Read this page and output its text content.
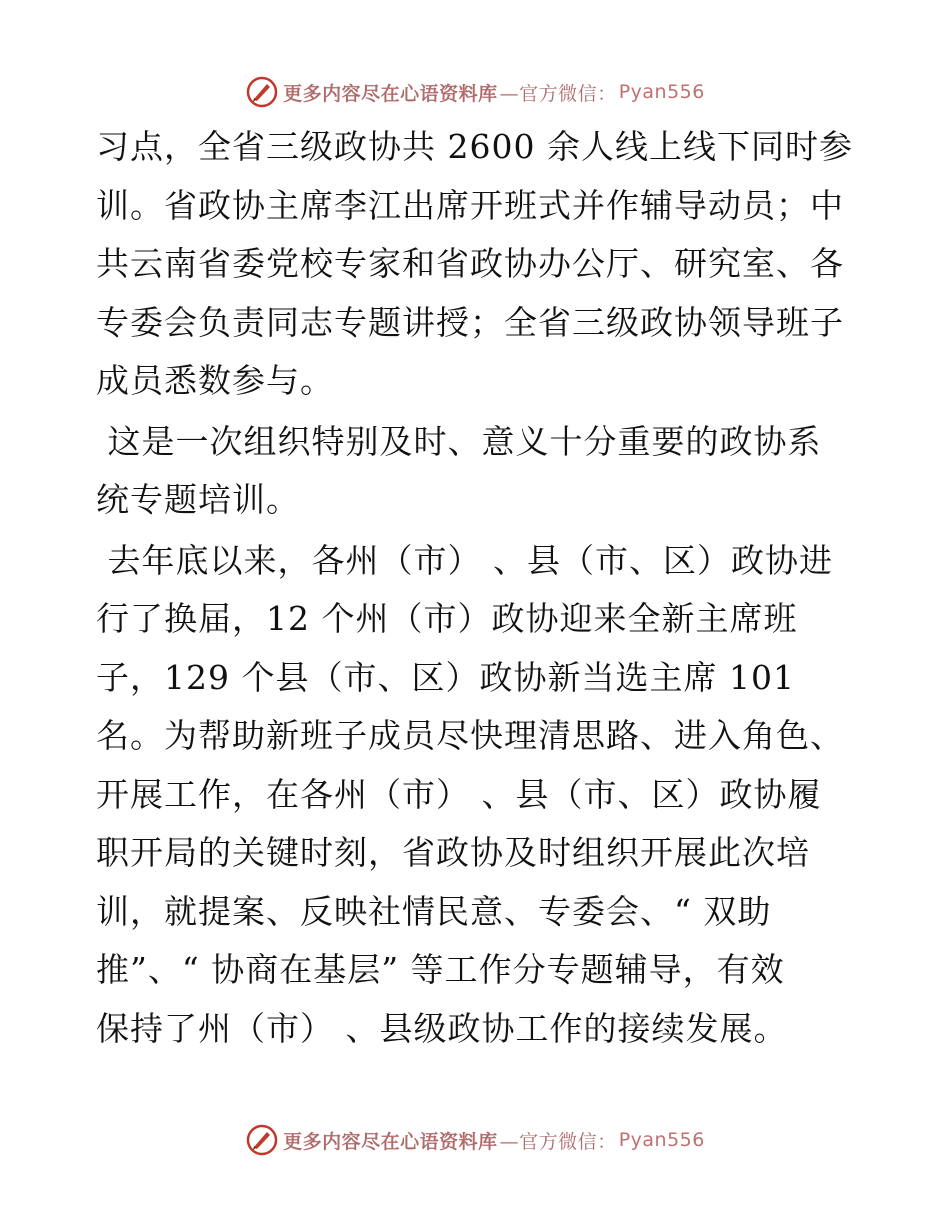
更多内容尽在心语资料库 —官方微信： Pyan556
习点，全省三级政协共 2600 余人线上线下同时参
训。省政协主席李江出席开班式并作辅导动员；中
共云南省委党校专家和省政协办公厅、研究室、各
专委会负责同志专题讲授；全省三级政协领导班子
成员悉数参与。
这是一次组织特别及时、意义十分重要的政协系
统专题培训。
去年底以来，各州（市） 、县（市、区）政协进
行了换届，12 个州（市）政协迎来全新主席班
子，129 个县（市、区）政协新当选主席 101
名。为帮助新班子成员尽快理清思路、进入角色、
开展工作，在各州（市） 、县（市、区）政协履
职开局的关键时刻，省政协及时组织开展此次培
训，就提案、反映社情民意、专委会、“ 双助
推”、“ 协商在基层” 等工作分专题辅导，有效
保持了州（市） 、县级政协工作的接续发展。
更多内容尽在心语资料库 —官方微信： Pyan556
